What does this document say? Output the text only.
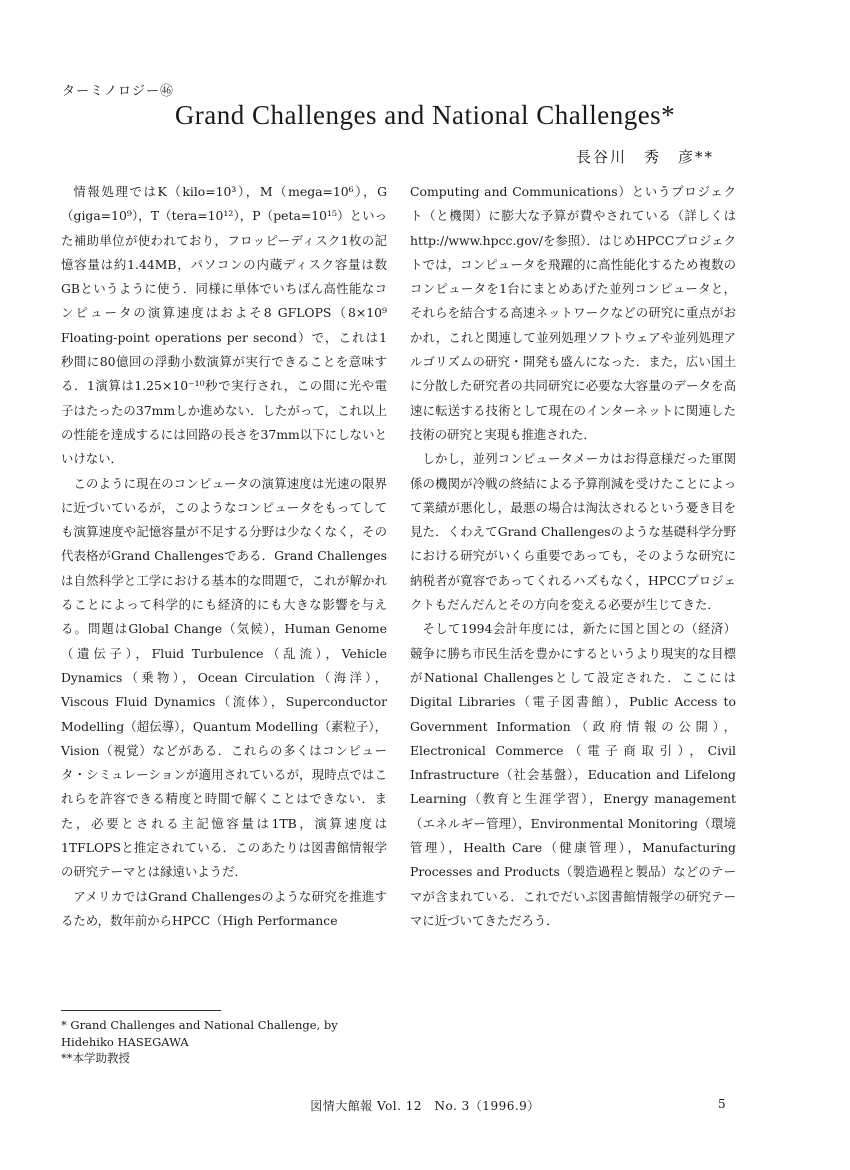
ターミノロジー㊻
Grand Challenges and National Challenges*
長谷川　秀　彦**

情報処理ではK（kilo=10³），M（mega=10⁶），G（giga=10⁹），T（tera=10¹²），P（peta=10¹⁵）といった補助単位が使われており，フロッピーディスク1枚の記憶容量は約1.44MB，パソコンの内蔵ディスク容量は数GBというように使う．同様に単体でいちばん高性能なコンピュータの演算速度はおよそ8 GFLOPS（8×10⁹ Floating-point operations per second）で，これは1秒間に80億回の浮動小数演算が実行できることを意味する．1演算は1.25×10⁻¹⁰秒で実行され，この間に光や電子はたったの37mmしか進めない．したがって，これ以上の性能を達成するには回路の長さを37mm以下にしないといけない．

このように現在のコンピュータの演算速度は光速の限界に近づいているが，このようなコンピュータをもってしても演算速度や記憶容量が不足する分野は少なくなく，その代表格がGrand Challengesである．Grand Challengesは自然科学と工学における基本的な問題で，これが解かれることによって科学的にも経済的にも大きな影響を与える。問題はGlobal Change（気候），Human Genome（遺伝子），Fluid Turbulence（乱流），Vehicle Dynamics（乗物），Ocean Circulation（海洋），Viscous Fluid Dynamics（流体），Superconductor Modelling（超伝導），Quantum Modelling（素粒子），Vision（視覚）などがある．これらの多くはコンピュータ・シミュレーションが適用されているが，現時点ではこれらを許容できる精度と時間で解くことはできない．また，必要とされる主記憶容量は1TB，演算速度は1TFLOPSと推定されている．このあたりは図書館情報学の研究テーマとは縁遠いようだ．

アメリカではGrand Challengesのような研究を推進するため，数年前からHPCC（High Performance

Computing and Communications）というプロジェクト（と機関）に膨大な予算が費やされている（詳しくはhttp://www.hpcc.gov/を参照）．はじめHPCCプロジェクトでは，コンピュータを飛躍的に高性能化するため複数のコンピュータを1台にまとめあげた並列コンピュータと，それらを結合する高速ネットワークなどの研究に重点がおかれ，これと関連して並列処理ソフトウェアや並列処理アルゴリズムの研究・開発も盛んになった．また，広い国土に分散した研究者の共同研究に必要な大容量のデータを高速に転送する技術として現在のインターネットに関連した技術の研究と実現も推進された．

しかし，並列コンピュータメーカはお得意様だった軍関係の機関が冷戦の終結による予算削減を受けたことによって業績が悪化し，最悪の場合は淘汰されるという憂き目を見た．くわえてGrand Challengesのような基礎科学分野における研究がいくら重要であっても，そのような研究に納税者が寛容であってくれるハズもなく，HPCCプロジェクトもだんだんとその方向を変える必要が生じてきた．

そして1994会計年度には，新たに国と国との（経済）競争に勝ち市民生活を豊かにするというより現実的な目標がNational Challengesとして設定された．ここにはDigital Libraries（電子図書館），Public Access to Government Information（政府情報の公開），Electronical Commerce（電子商取引），Civil Infrastructure（社会基盤），Education and Lifelong Learning（教育と生涯学習），Energy management（エネルギー管理），Environmental Monitoring（環境管理），Health Care（健康管理），Manufacturing Processes and Products（製造過程と製品）などのテーマが含まれている．これでだいぶ図書館情報学の研究テーマに近づいてきただろう．

* Grand Challenges and National Challenge, by Hidehiko HASEGAWA
**本学助教授
図情大館報 Vol. 12　No. 3（1996.9）	5
